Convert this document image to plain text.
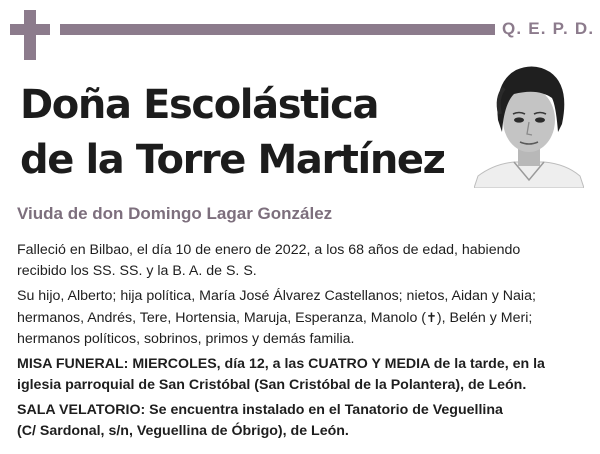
Q. E. P. D.
Doña Escolástica
de la Torre Martínez
Viuda de don Domingo Lagar González

Falleció en Bilbao, el día 10 de enero de 2022, a los 68 años de edad, habiendo
recibido los SS. SS. y la B. A. de S. S.

Su hijo, Alberto; hija política, María José Álvarez Castellanos; nietos, Aidan y Naia;
hermanos, Andrés, Tere, Hortensia, Maruja, Esperanza, Manolo (✝), Belén y Meri;
hermanos políticos, sobrinos, primos y demás familia.

MISA FUNERAL: MIERCOLES, día 12, a las CUATRO Y MEDIA de la tarde, en la
iglesia parroquial de San Cristóbal (San Cristóbal de la Polantera), de León.

SALA VELATORIO: Se encuentra instalado en el Tanatorio de Veguellina
(C/ Sardonal, s/n, Veguellina de Óbrigo), de León.
